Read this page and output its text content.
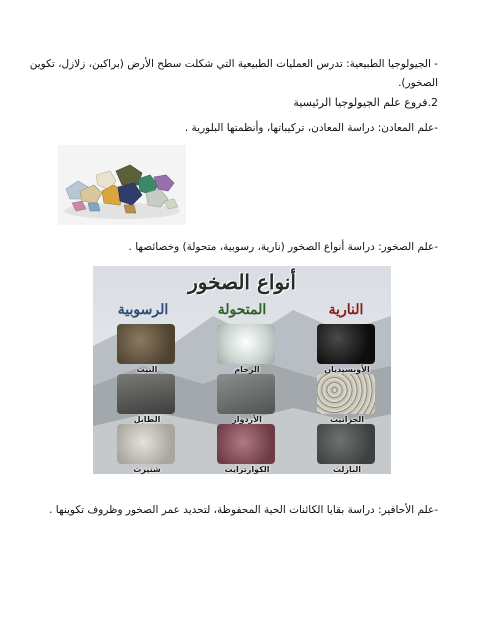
- الجيولوجيا الطبيعية: تدرس العمليات الطبيعية التي شكلت سطح الأرض (براكين، زلازل، تكوين
الصخور).
2.فروع علم الجيولوجيا الرئيسية
-علم المعادن: دراسة المعادن، تركيباتها، وأنظمتها البلورية .
-علم الصخور: دراسة أنواع الصخور (نارية، رسوبية، متحولة) وخصائصها .
أنواع الصخور
النارية
المتحولة
الرسوبية
الأوبسيديان
الجرانيت
البازلت
الرخام
الأردواز
الكوارتزايت
البيت
الطابل
شنيرت
-علم الأحافير: دراسة بقايا الكائنات الحية المحفوظة، لتحديد عمر الصخور وظروف تكوينها .
